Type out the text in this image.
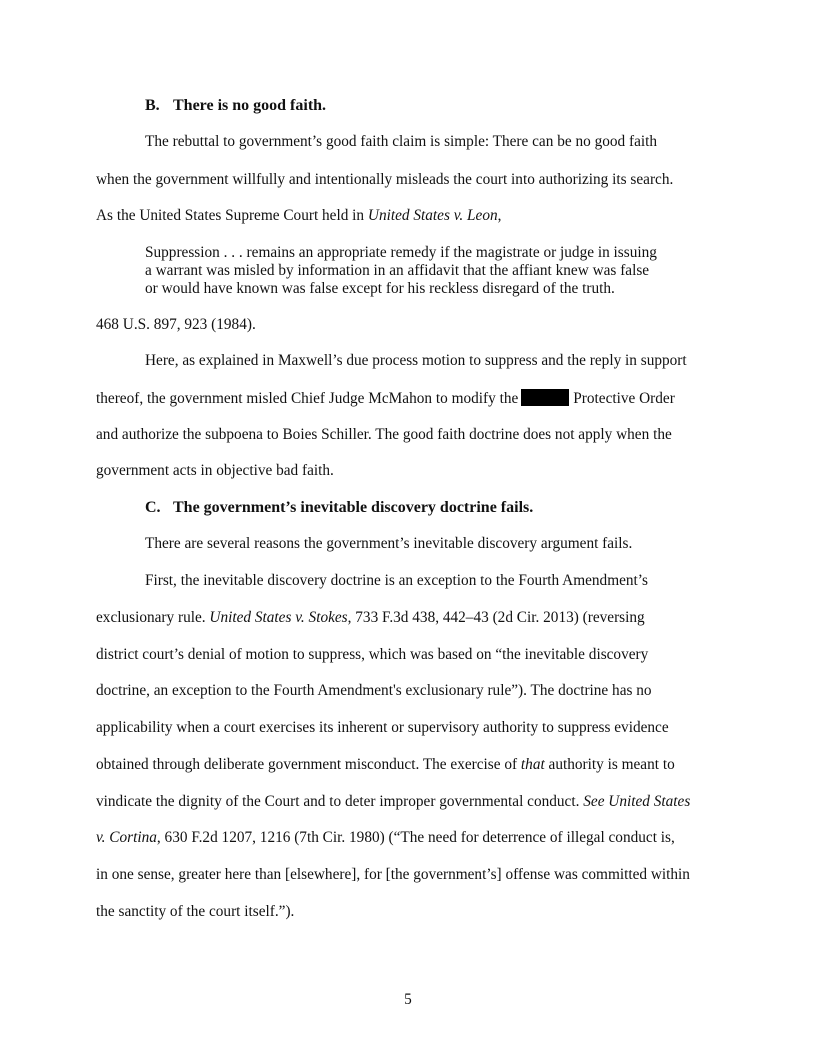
B. There is no good faith.
The rebuttal to government’s good faith claim is simple: There can be no good faith
when the government willfully and intentionally misleads the court into authorizing its search.
As the United States Supreme Court held in United States v. Leon,
Suppression . . . remains an appropriate remedy if the magistrate or judge in issuing
a warrant was misled by information in an affidavit that the affiant knew was false
or would have known was false except for his reckless disregard of the truth.
468 U.S. 897, 923 (1984).
Here, as explained in Maxwell’s due process motion to suppress and the reply in support
thereof, the government misled Chief Judge McMahon to modify the	Protective Order
and authorize the subpoena to Boies Schiller. The good faith doctrine does not apply when the
government acts in objective bad faith.
C. The government’s inevitable discovery doctrine fails.
There are several reasons the government’s inevitable discovery argument fails.
First, the inevitable discovery doctrine is an exception to the Fourth Amendment’s
exclusionary rule. United States v. Stokes, 733 F.3d 438, 442–43 (2d Cir. 2013) (reversing
district court’s denial of motion to suppress, which was based on “the inevitable discovery
doctrine, an exception to the Fourth Amendment's exclusionary rule”). The doctrine has no
applicability when a court exercises its inherent or supervisory authority to suppress evidence
obtained through deliberate government misconduct. The exercise of that authority is meant to
vindicate the dignity of the Court and to deter improper governmental conduct. See United States
v. Cortina, 630 F.2d 1207, 1216 (7th Cir. 1980) (“The need for deterrence of illegal conduct is,
in one sense, greater here than [elsewhere], for [the government’s] offense was committed within
the sanctity of the court itself.”).
5
